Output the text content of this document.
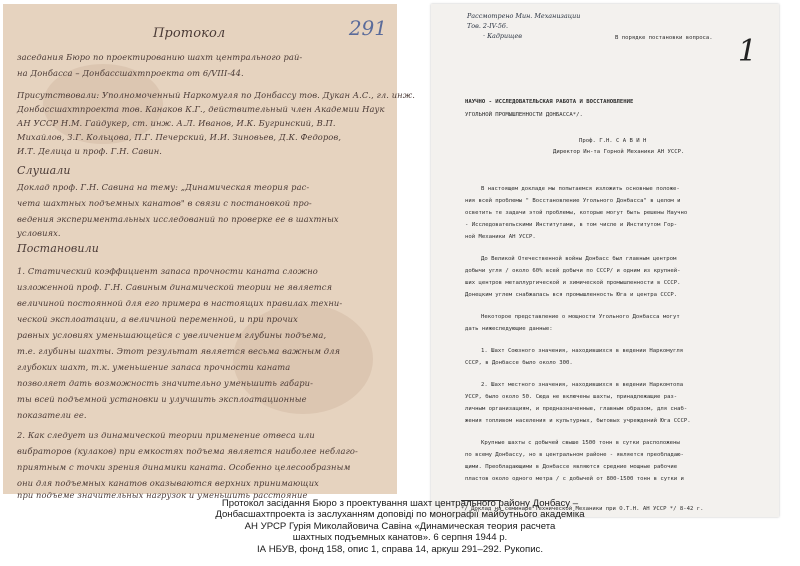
291
Протокол
заседания Бюро по проектированию шахт центрального рай-
на Донбасса – Донбассшахтпроекта от 6/VIII-44.
Присутствовали: Уполномоченный Наркомугля по Донбассу тов. Дукан А.С., гл. инж.
Донбассшахтпроекта тов. Канаков К.Г., действительный член Академии Наук
АН УССР Н.М. Гайдукер, ст. инж. А.Л. Иванов, И.К. Бугринский, В.П.
Михайлов, З.Г. Кольцова, П.Г. Печерский, И.И. Зиновьев, Д.К. Федоров,
И.Т. Делица и проф. Г.Н. Савин.
Слушали
Доклад проф. Г.Н. Савина на тему: „Динамическая теория рас-
чета шахтных подъемных канатов" в связи с постановкой про-
ведения экспериментальных исследований по проверке ее в шахтных
условиях.
Постановили
1. Статический коэффициент запаса прочности каната сложно
изложенной проф. Г.Н. Савиным динамической теории не является
величиной постоянной для его примера в настоящих правилах техни-
ческой эксплоатации, а величиной переменной, и при прочих
равных условиях уменьшающейся с увеличением глубины подъема,
т.е. глубины шахты. Этот результат является весьма важным для
глубоких шахт, т.к. уменьшение запаса прочности каната
позволяет дать возможность значительно уменьшить габари-
ты всей подъемной установки и улучшить эксплоатационные
показатели ее.
2. Как следует из динамической теории применение отвеса или
вибраторов (кулаков) при емкостях подъема является наиболее неблаго-
приятным с точки зрения динамики каната. Особенно целесообразным
они для подъемных канатов оказываются верхних принимающих
при подъеме значительных нагрузок и уменьшить расстояние
1
Рассмотрено Мин. Механизации
Тов. 2-IV-56.
· Кадрищев	В порядке постановки вопроса.
НАУЧНО - ИССЛЕДОВАТЕЛЬСКАЯ РАБОТА И ВОССТАНОВЛЕНИЕ
УГОЛЬНОЙ ПРОМЫШЛЕННОСТИ ДОНБАССА*/.
Проф. Г.Н. С А В И Н
Директор Ин-та Горной Механики АН УССР.
В настоящем докладе мы попытаемся изложить основные положе-
ния всей проблемы " Восстановление Угольного Донбасса" в целом и
осветить те задачи этой проблемы, которые могут быть решены Научно
- Исследовательскими Институтами, в том числе и Институтом Гор-
ной Механики АН УССР.
До Великой Отечественной войны Донбасс был главным центром
добычи угля / около 60% всей добычи по СССР/ и одним из крупней-
ших центров металлургической и химической промышленности в СССР.
Донецким углем снабжалась вся промышленность Юга и центра СССР.
Некоторое представление о мощности Угольного Донбасса могут
дать нижеследующие данные:
1. Шахт Союзного значения, находившихся в ведении Наркомугля
СССР, в Донбассе было около 300.
2. Шахт местного значения, находившихся в ведении Наркомтопа
УССР, было около 50. Сюда не включены шахты, принадлежащие раз-
личным организациям, и предназначенные, главным образом, для снаб-
жения топливом населения и культурных, бытовых учреждений Юга СССР.
Крупные шахты с добычей свыше 1500 тонн в сутки расположены
по всему Донбассу, но в центральном районе - является преобладаю-
щими. Преобладающими в Донбассе являются средние мощные рабочие
пластов около одного метра / с добычей от 800-1500 тонн в сутки и
*/ Доклад на семинаре Технической Механики при О.Т.Н. АН УССР */ 8-42 г.
Протокол засідання Бюро з проектування шахт центрального району Донбасу –
Донбасшахтпроекта із заслуханням доповіді по монографії майбутнього академіка
АН УРСР Гурія Миколайовича Савіна «Динамическая теория расчета
шахтных подъемных канатов». 6 серпня 1944 р.
ІА НБУВ, фонд 158, опис 1, справа 14, аркуш 291–292. Рукопис.
